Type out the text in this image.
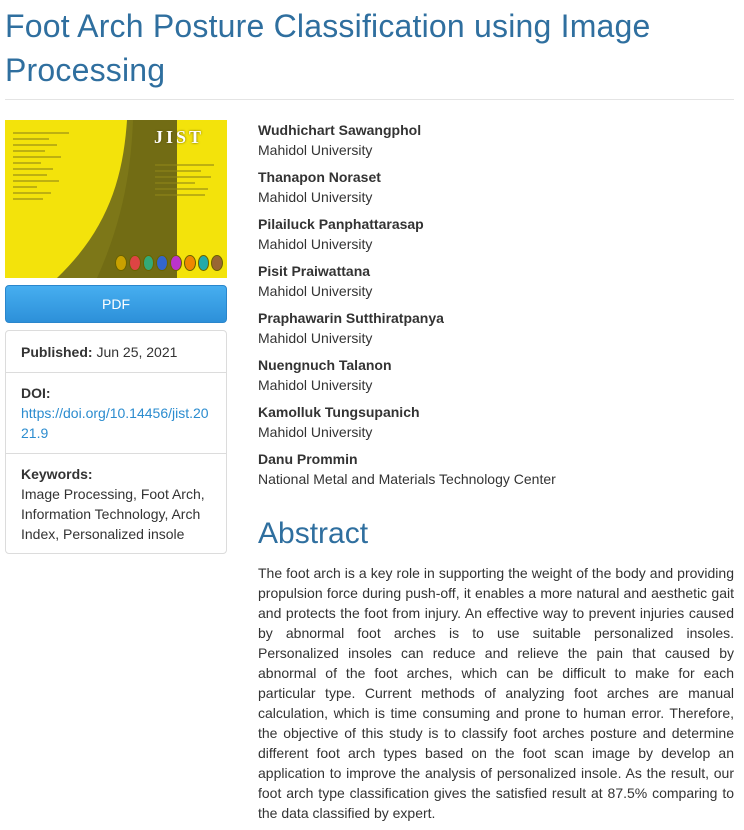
Foot Arch Posture Classification using Image Processing
JIST
PDF
Published: Jun 25, 2021
DOI:
https://doi.org/10.14456/jist.2021.9
Keywords:
Image Processing, Foot Arch, Information Technology, Arch Index, Personalized insole
Wudhichart Sawangphol
Mahidol University
Thanapon Noraset
Mahidol University
Pilailuck Panphattarasap
Mahidol University
Pisit Praiwattana
Mahidol University
Praphawarin Sutthiratpanya
Mahidol University
Nuengnuch Talanon
Mahidol University
Kamolluk Tungsupanich
Mahidol University
Danu Prommin
National Metal and Materials Technology Center
Abstract

The foot arch is a key role in supporting the weight of the body and providing propulsion force during push-off, it enables a more natural and aesthetic gait and protects the foot from injury. An effective way to prevent injuries caused by abnormal foot arches is to use suitable personalized insoles. Personalized insoles can reduce and relieve the pain that caused by abnormal of the foot arches, which can be difficult to make for each particular type. Current methods of analyzing foot arches are manual calculation, which is time consuming and prone to human error. Therefore, the objective of this study is to classify foot arches posture and determine different foot arch types based on the foot scan image by develop an application to improve the analysis of personalized insole. As the result, our foot arch type classification gives the satisfied result at 87.5% comparing to the data classified by expert.
